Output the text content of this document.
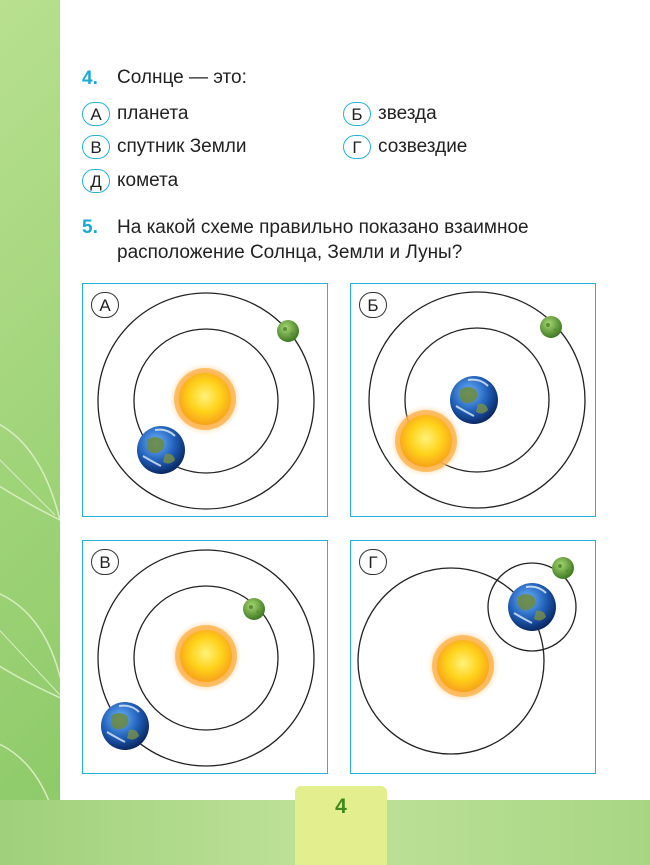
4
4. Солнце — это:
А планета	Б звезда
В спутник Земли	Г созвездие
Д комета
5. На какой схеме правильно показано взаимное
расположение Солнца, Земли и Луны?
А	Б
В	Г
